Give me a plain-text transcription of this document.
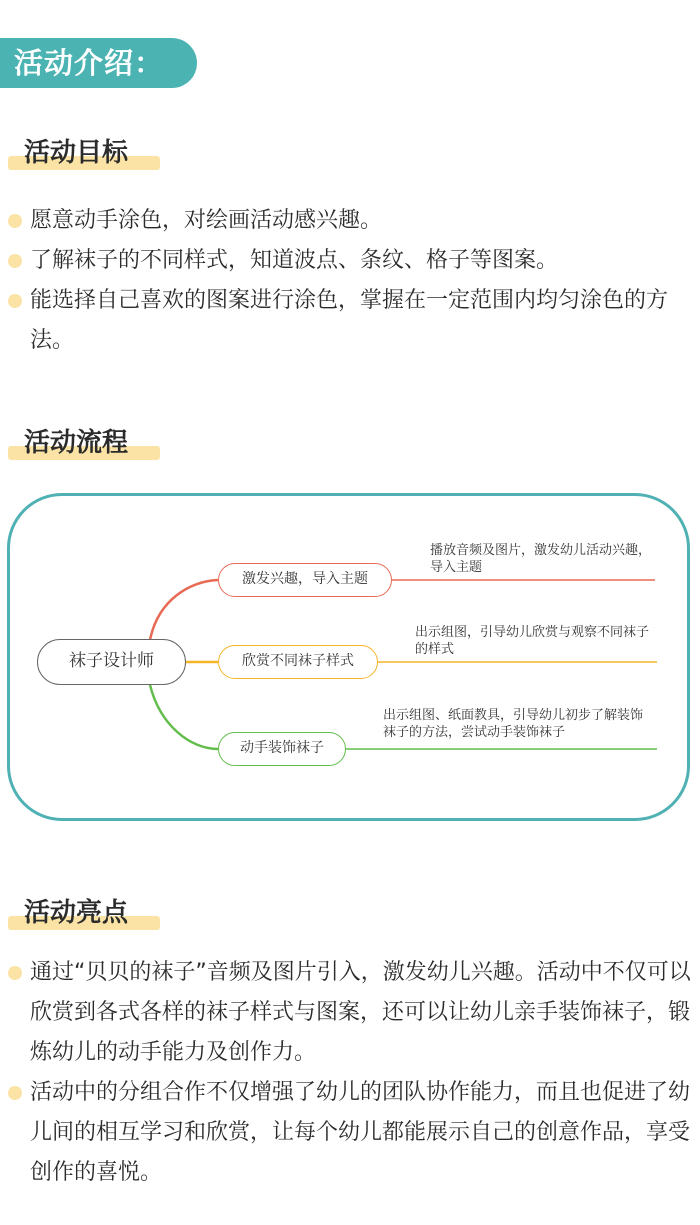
活动介绍：
活动目标
愿意动手涂色，对绘画活动感兴趣。
了解袜子的不同样式，知道波点、条纹、格子等图案。
能选择自己喜欢的图案进行涂色，掌握在一定范围内均匀涂色的方法。
活动流程
袜子设计师
激发兴趣，导入主题
欣赏不同袜子样式
动手装饰袜子
播放音频及图片，激发幼儿活动兴趣，导入主题
出示组图，引导幼儿欣赏与观察不同袜子的样式
出示组图、纸面教具，引导幼儿初步了解装饰袜子的方法，尝试动手装饰袜子
活动亮点
通过“贝贝的袜子”音频及图片引入，激发幼儿兴趣。活动中不仅可以欣赏到各式各样的袜子样式与图案，还可以让幼儿亲手装饰袜子，锻炼幼儿的动手能力及创作力。
活动中的分组合作不仅增强了幼儿的团队协作能力，而且也促进了幼儿间的相互学习和欣赏，让每个幼儿都能展示自己的创意作品，享受创作的喜悦。
